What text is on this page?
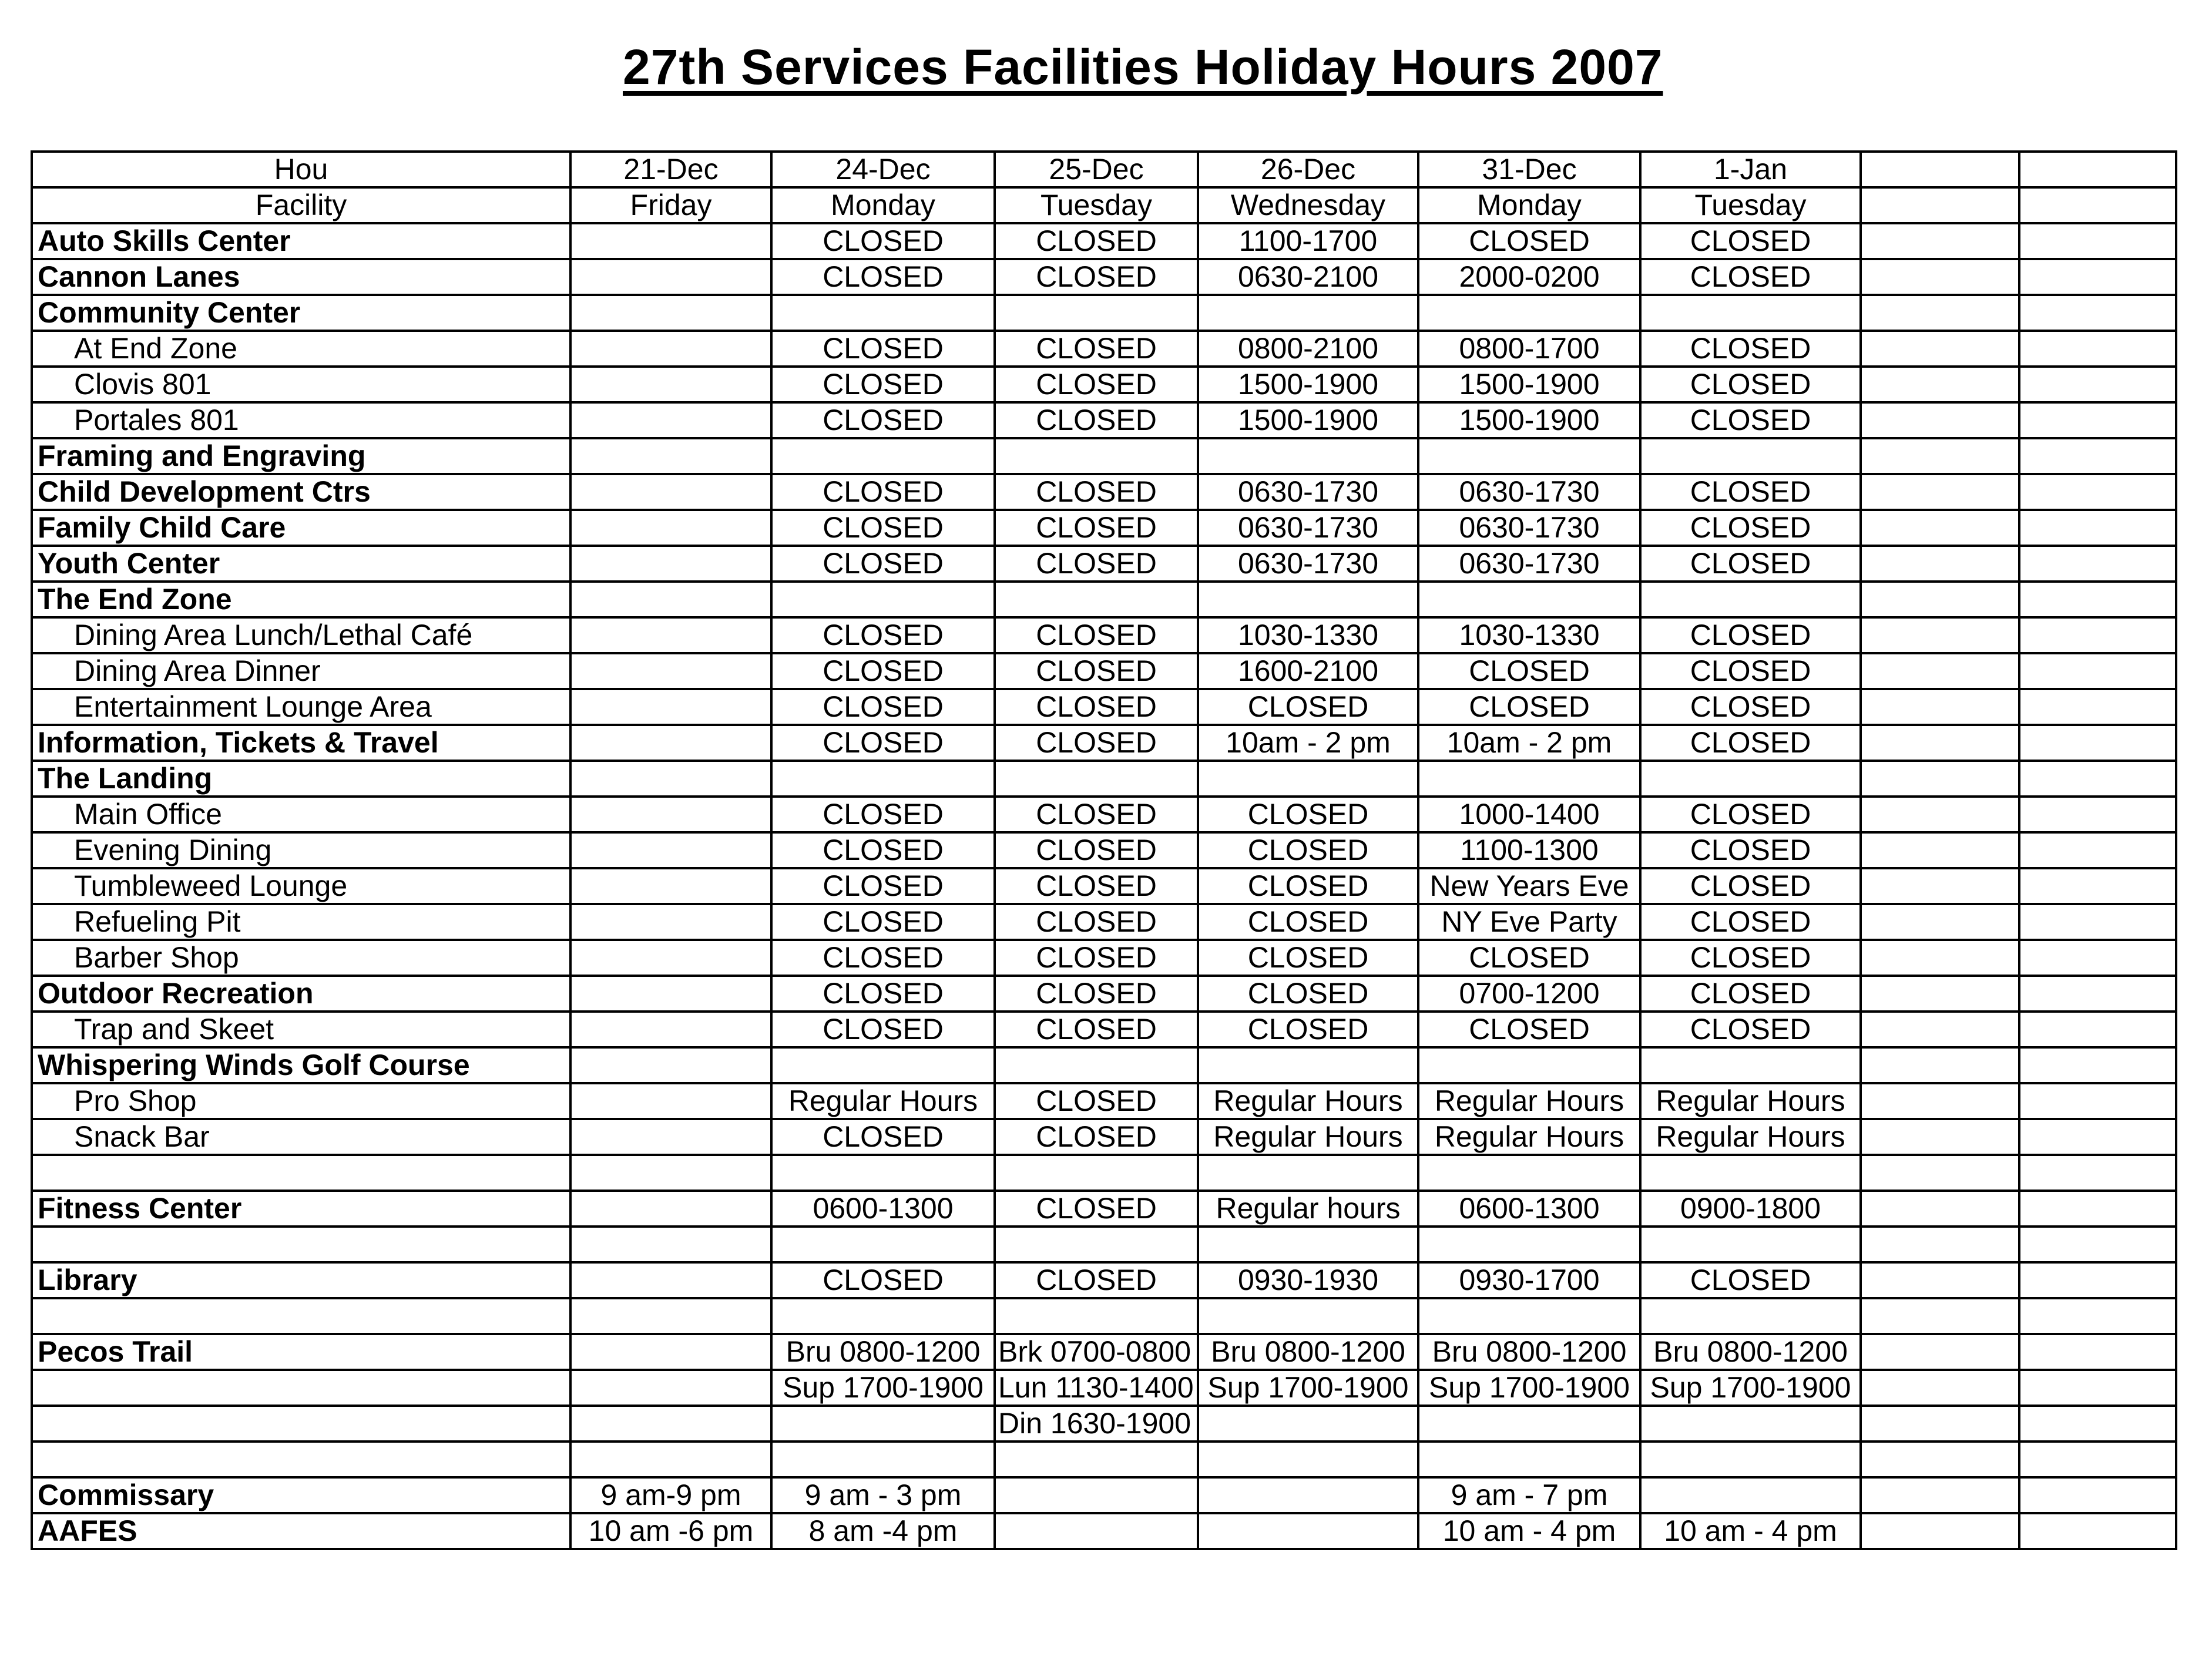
27th Services Facilities Holiday Hours 2007
Hou	21-Dec	24-Dec	25-Dec	26-Dec	31-Dec	1-Jan		
Facility	Friday	Monday	Tuesday	Wednesday	Monday	Tuesday		
Auto Skills Center		CLOSED	CLOSED	1100-1700	CLOSED	CLOSED		
Cannon Lanes		CLOSED	CLOSED	0630-2100	2000-0200	CLOSED		
Community Center								
At End Zone		CLOSED	CLOSED	0800-2100	0800-1700	CLOSED		
Clovis 801		CLOSED	CLOSED	1500-1900	1500-1900	CLOSED		
Portales 801		CLOSED	CLOSED	1500-1900	1500-1900	CLOSED		
Framing and Engraving								
Child Development Ctrs		CLOSED	CLOSED	0630-1730	0630-1730	CLOSED		
Family Child Care		CLOSED	CLOSED	0630-1730	0630-1730	CLOSED		
Youth Center		CLOSED	CLOSED	0630-1730	0630-1730	CLOSED		
The End Zone								
Dining Area Lunch/Lethal Café		CLOSED	CLOSED	1030-1330	1030-1330	CLOSED		
Dining Area Dinner		CLOSED	CLOSED	1600-2100	CLOSED	CLOSED		
Entertainment Lounge Area		CLOSED	CLOSED	CLOSED	CLOSED	CLOSED		
Information, Tickets & Travel		CLOSED	CLOSED	10am - 2 pm	10am - 2 pm	CLOSED		
The Landing								
Main Office		CLOSED	CLOSED	CLOSED	1000-1400	CLOSED		
Evening Dining		CLOSED	CLOSED	CLOSED	1100-1300	CLOSED		
Tumbleweed Lounge		CLOSED	CLOSED	CLOSED	New Years Eve	CLOSED		
Refueling Pit		CLOSED	CLOSED	CLOSED	NY Eve Party	CLOSED		
Barber Shop		CLOSED	CLOSED	CLOSED	CLOSED	CLOSED		
Outdoor Recreation		CLOSED	CLOSED	CLOSED	0700-1200	CLOSED		
Trap and Skeet		CLOSED	CLOSED	CLOSED	CLOSED	CLOSED		
Whispering Winds Golf Course								
Pro Shop		Regular Hours	CLOSED	Regular Hours	Regular Hours	Regular Hours		
Snack Bar		CLOSED	CLOSED	Regular Hours	Regular Hours	Regular Hours		

Fitness Center		0600-1300	CLOSED	Regular hours	0600-1300	0900-1800		

Library		CLOSED	CLOSED	0930-1930	0930-1700	CLOSED		

Pecos Trail		Bru 0800-1200	Brk 0700-0800	Bru 0800-1200	Bru 0800-1200	Bru 0800-1200		
		Sup 1700-1900	Lun 1130-1400	Sup 1700-1900	Sup 1700-1900	Sup 1700-1900		
			Din 1630-1900					

Commissary	9 am-9 pm	9 am - 3 pm			9 am - 7 pm			
AAFES	10 am -6 pm	8 am -4 pm			10 am - 4 pm	10 am - 4 pm		
